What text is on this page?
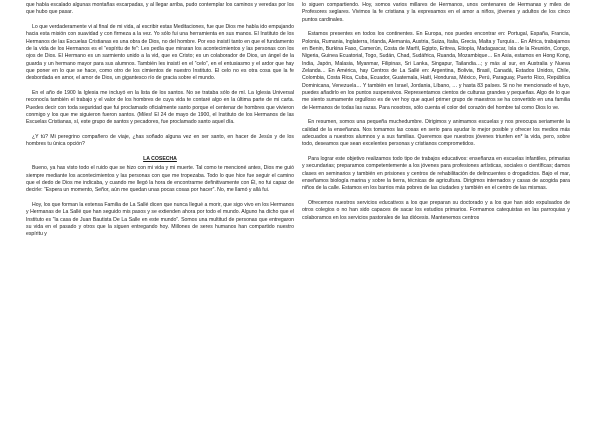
que había escalado algunas montañas escarpadas, y al llegar arriba, pudo contemplar los caminos y veredas por los que hubo que pasar.

Lo que verdaderamente vi al final de mi vida, al escribir estas Meditaciones, fue que Dios me había ido empujando hacia esta misión con suavidad y con firmeza a la vez. Yo sólo fui una herramienta en sus manos. El Instituto de los Hermanos de las Escuelas Cristianas es una obra de Dios, no del hombre. Por eso insistí tanto en que el fundamento de la vida de los Hermanos es el “espíritu de fe”: Les pedía que miraran los acontecimientos y las personas con los ojos de Dios. El Hermano es un sarmiento unido a la vid, que es Cristo; es un colaborador de Dios, un ángel de la guarda y un hermano mayor para sus alumnos. También les insistí en el “celo”, en el entusiasmo y el ardor que hay que poner en lo que se hace, como otro de los cimientos de nuestro Instituto. El celo no es otra cosa que la fe desbordada en amor, el amor de Dios, un gigantesco río de gracia sobre el mundo.

En el año de 1900 la Iglesia me incluyó en la lista de los santos. No se trataba sólo de mí. La Iglesia Universal reconocía también el trabajo y el valor de los hombres de cuya vida te contaré algo en la última parte de mi carta. Puedes decir con toda seguridad que fui proclamado oficialmente santo porque el centenar de hombres que vivieron conmigo y los que me siguieron fueron santos. (Miles! El 24 de mayo de 1900, el Instituto de los Hermanos de las Escuelas Cristianas, sí, este grupo de santos y pecadores, fue proclamado santo aquel día.

¿Y tú? Mi peregrino compañero de viaje, ¿has soñado alguna vez en ser santo, en hacer de Jesús y de los hombres tu única opción?

LA COSECHA

Bueno, ya has visto todo el ruido que se hizo con mi vida y mi muerte. Tal como te mencioné antes, Dios me guió siempre mediante los acontecimientos y las personas con que me tropezaba. Todo lo que hice fue seguir el camino que el dedo de Dios me indicaba, y cuando me llegó la hora de encontrarme definitivamente con Él, no fui capaz de decirle: “Espera un momento, Señor, aún me quedan unas pocas cosas por hacer”. No, me llamó y allá fui.

Hoy, los que forman la extensa Familia de La Sallé dicen que nunca llegué a morir, que sigo vivo en los Hermanos y Hermanas de La Sallé que han seguido mis pasos y se extienden ahora por todo el mundo. Alguno ha dicho que el Instituto es “la casa de Juan Bautista De La Salle en este mundo”. Somos una multitud de personas que entregaron su vida en el pasado y otros que la siguen entregando hoy. Millones de seres humanos han compartido nuestro espíritu y

lo siguen compartiendo. Hoy, somos varios millares de Hermanos, unos centenares de Hermanas y miles de Profesores seglares. Vivimos la fe cristiana y la expresamos en el amor a niños, jóvenes y adultos de los cinco puntos cardinales.

Estamos presentes en todos los continentes. En Europa, nos puedes encontrar en: Portugal, España, Francia, Polonia, Rumania, Inglaterra, Irlanda, Alemania, Austria, Suiza, Italia, Grecia, Malta y Turquía… En África, trabajamos en Benin, Burkina Faso, Camerún, Costa de Marfil, Egipto, Eritrea, Etiopía, Madagascar, Isla de la Reunión, Congo, Nigeria, Guinea Ecuatorial, Togo, Sudán, Chad, Sudáfrica, Ruanda, Mozambique… En Asia, estamos en Hong Kong, India, Japón, Malasia, Myanmar, Filipinas, Sri Lanka, Singapur, Tailandia…; y más al sur, en Australia y Nueva Zelanda… En América, hay Centros de La Sallé en: Argentina, Bolivia, Brasil, Canadá, Estados Unidos, Chile, Colombia, Costa Rica, Cuba, Ecuador, Guatemala, Haití, Honduras, México, Perú, Paraguay, Puerto Rico, República Dominicana, Venezuela… Y también en Israel, Jordania, Líbano, … y hasta 83 países. Si no he mencionado el tuyo, puedes añadirlo en los puntos suspensivos. Representamos cientos de culturas grandes y pequeñas. Algo de lo que me siento sumamente orgulloso es de ver hoy que aquel primer grupo de maestros se ha convertido en una familia de Hermanos de todas las razas. Para nosotros, sólo cuenta el color del corazón del hombre tal como Dios lo ve.

En resumen, somos una pequeña muchedumbre. Dirigimos y animamos escuelas y nos preocupa seriamente la calidad de la enseñanza. Nos tomamos las cosas en serio para ayudar lo mejor posible y ofrecer los medios más adecuados a nuestros alumnos y a sus familias. Queremos que nuestros jóvenes triunfen en* la vida, pero, sobre todo, deseamos que sean excelentes personas y cristianos comprometidos.

Para lograr este objetivo realizamos todo tipo de trabajos educativos: enseñanza en escuelas infantiles, primarias y secundarias; preparamos competentemente a los jóvenes para profesiones artísticas, sociales o científicas; damos clases en seminarios y también en prisiones y centros de rehabilitación de delincuentes o drogadictos. Bajo el mar, enseñamos biología marina y sobre la tierra, técnicas de agricultura. Dirigimos internados y casas de acogida para niños de la calle. Estamos en los barrios más pobres de las ciudades y también en el centro de las mismas.

Ofrecemos nuestros servicios educativos a los que preparan su doctorado y a los que han sido expulsados de otros colegios o no han sido capaces de sacar los estudios primarios. Formamos catequistas en las parroquias y colaboramos en los servicios pastorales de las diócesis. Mantenemos centros
